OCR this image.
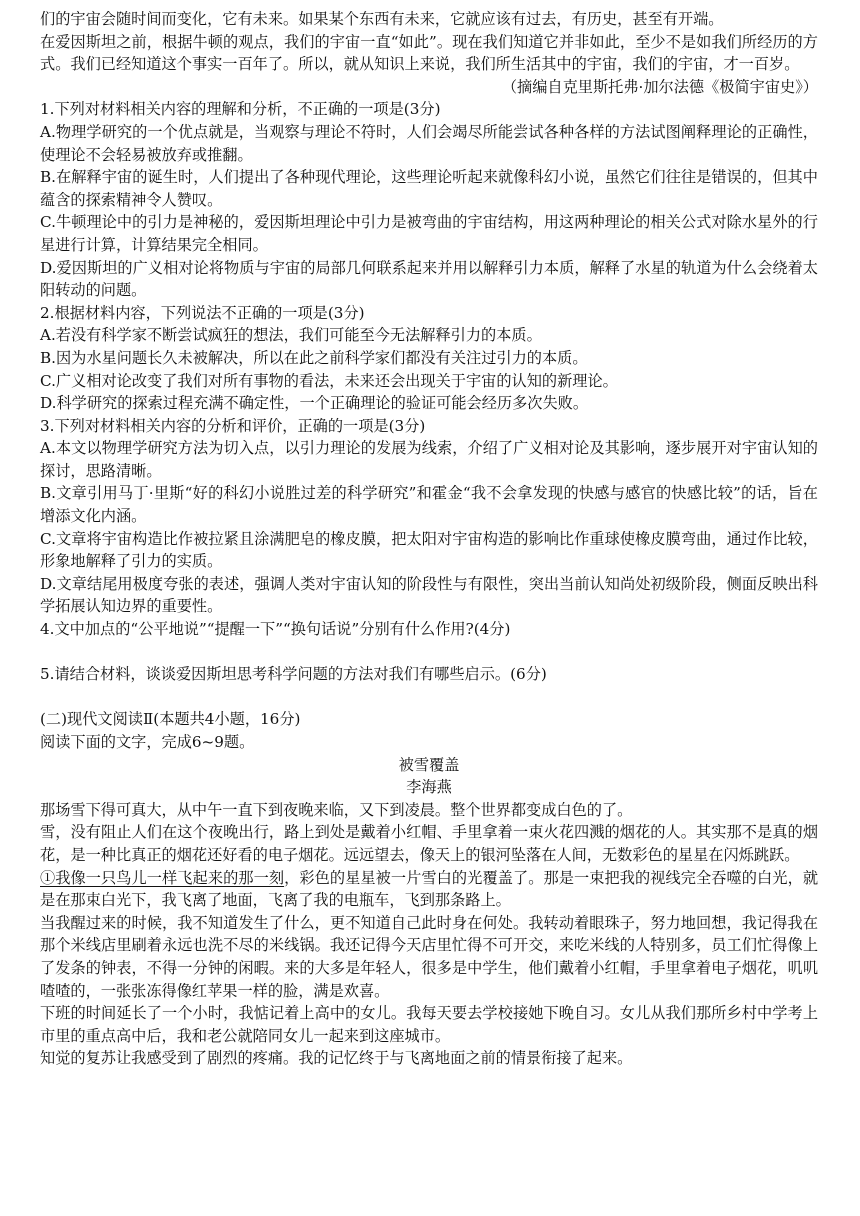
们的宇宙会随时间而变化，它有未来。如果某个东西有未来，它就应该有过去，有历史，甚至有开端。

在爱因斯坦之前，根据牛顿的观点，我们的宇宙一直“如此”。现在我们知道它并非如此，至少不是如我们所经历的方式。我们已经知道这个事实一百年了。所以，就从知识上来说，我们所生活其中的宇宙，我们的宇宙，才一百岁。

（摘编自克里斯托弗·加尔法德《极简宇宙史》）

1.下列对材料相关内容的理解和分析，不正确的一项是(3分)

A.物理学研究的一个优点就是，当观察与理论不符时，人们会竭尽所能尝试各种各样的方法试图阐释理论的正确性，使理论不会轻易被放弃或推翻。

B.在解释宇宙的诞生时，人们提出了各种现代理论，这些理论听起来就像科幻小说，虽然它们往往是错误的，但其中蕴含的探索精神令人赞叹。

C.牛顿理论中的引力是神秘的，爱因斯坦理论中引力是被弯曲的宇宙结构，用这两种理论的相关公式对除水星外的行星进行计算，计算结果完全相同。

D.爱因斯坦的广义相对论将物质与宇宙的局部几何联系起来并用以解释引力本质，解释了水星的轨道为什么会绕着太阳转动的问题。

2.根据材料内容，下列说法不正确的一项是(3分)

A.若没有科学家不断尝试疯狂的想法，我们可能至今无法解释引力的本质。

B.因为水星问题长久未被解决，所以在此之前科学家们都没有关注过引力的本质。

C.广义相对论改变了我们对所有事物的看法，未来还会出现关于宇宙的认知的新理论。

D.科学研究的探索过程充满不确定性，一个正确理论的验证可能会经历多次失败。

3.下列对材料相关内容的分析和评价，正确的一项是(3分)

A.本文以物理学研究方法为切入点，以引力理论的发展为线索，介绍了广义相对论及其影响，逐步展开对宇宙认知的探讨，思路清晰。

B.文章引用马丁·里斯“好的科幻小说胜过差的科学研究”和霍金“我不会拿发现的快感与感官的快感比较”的话，旨在增添文化内涵。

C.文章将宇宙构造比作被拉紧且涂满肥皂的橡皮膜，把太阳对宇宙构造的影响比作重球使橡皮膜弯曲，通过作比较，形象地解释了引力的实质。

D.文章结尾用极度夸张的表述，强调人类对宇宙认知的阶段性与有限性，突出当前认知尚处初级阶段，侧面反映出科学拓展认知边界的重要性。

4.文中加点的“公平地说”“提醒一下”“换句话说”分别有什么作用?(4分)

5.请结合材料，谈谈爱因斯坦思考科学问题的方法对我们有哪些启示。(6分)

(二)现代文阅读Ⅱ(本题共4小题，16分)

阅读下面的文字，完成6~9题。

被雪覆盖

李海燕

那场雪下得可真大，从中午一直下到夜晚来临，又下到凌晨。整个世界都变成白色的了。

雪，没有阻止人们在这个夜晚出行，路上到处是戴着小红帽、手里拿着一束火花四溅的烟花的人。其实那不是真的烟花，是一种比真正的烟花还好看的电子烟花。远远望去，像天上的银河坠落在人间，无数彩色的星星在闪烁跳跃。

①我像一只鸟儿一样飞起来的那一刻，彩色的星星被一片雪白的光覆盖了。那是一束把我的视线完全吞噬的白光，就是在那束白光下，我飞离了地面，飞离了我的电瓶车，飞到那条路上。

当我醒过来的时候，我不知道发生了什么，更不知道自己此时身在何处。我转动着眼珠子，努力地回想，我记得我在那个米线店里刷着永远也洗不尽的米线锅。我还记得今天店里忙得不可开交，来吃米线的人特别多，员工们忙得像上了发条的钟表，不得一分钟的闲暇。来的大多是年轻人，很多是中学生，他们戴着小红帽，手里拿着电子烟花，叽叽喳喳的，一张张冻得像红苹果一样的脸，满是欢喜。

下班的时间延长了一个小时，我惦记着上高中的女儿。我每天要去学校接她下晚自习。女儿从我们那所乡村中学考上市里的重点高中后，我和老公就陪同女儿一起来到这座城市。

知觉的复苏让我感受到了剧烈的疼痛。我的记忆终于与飞离地面之前的情景衔接了起来。
